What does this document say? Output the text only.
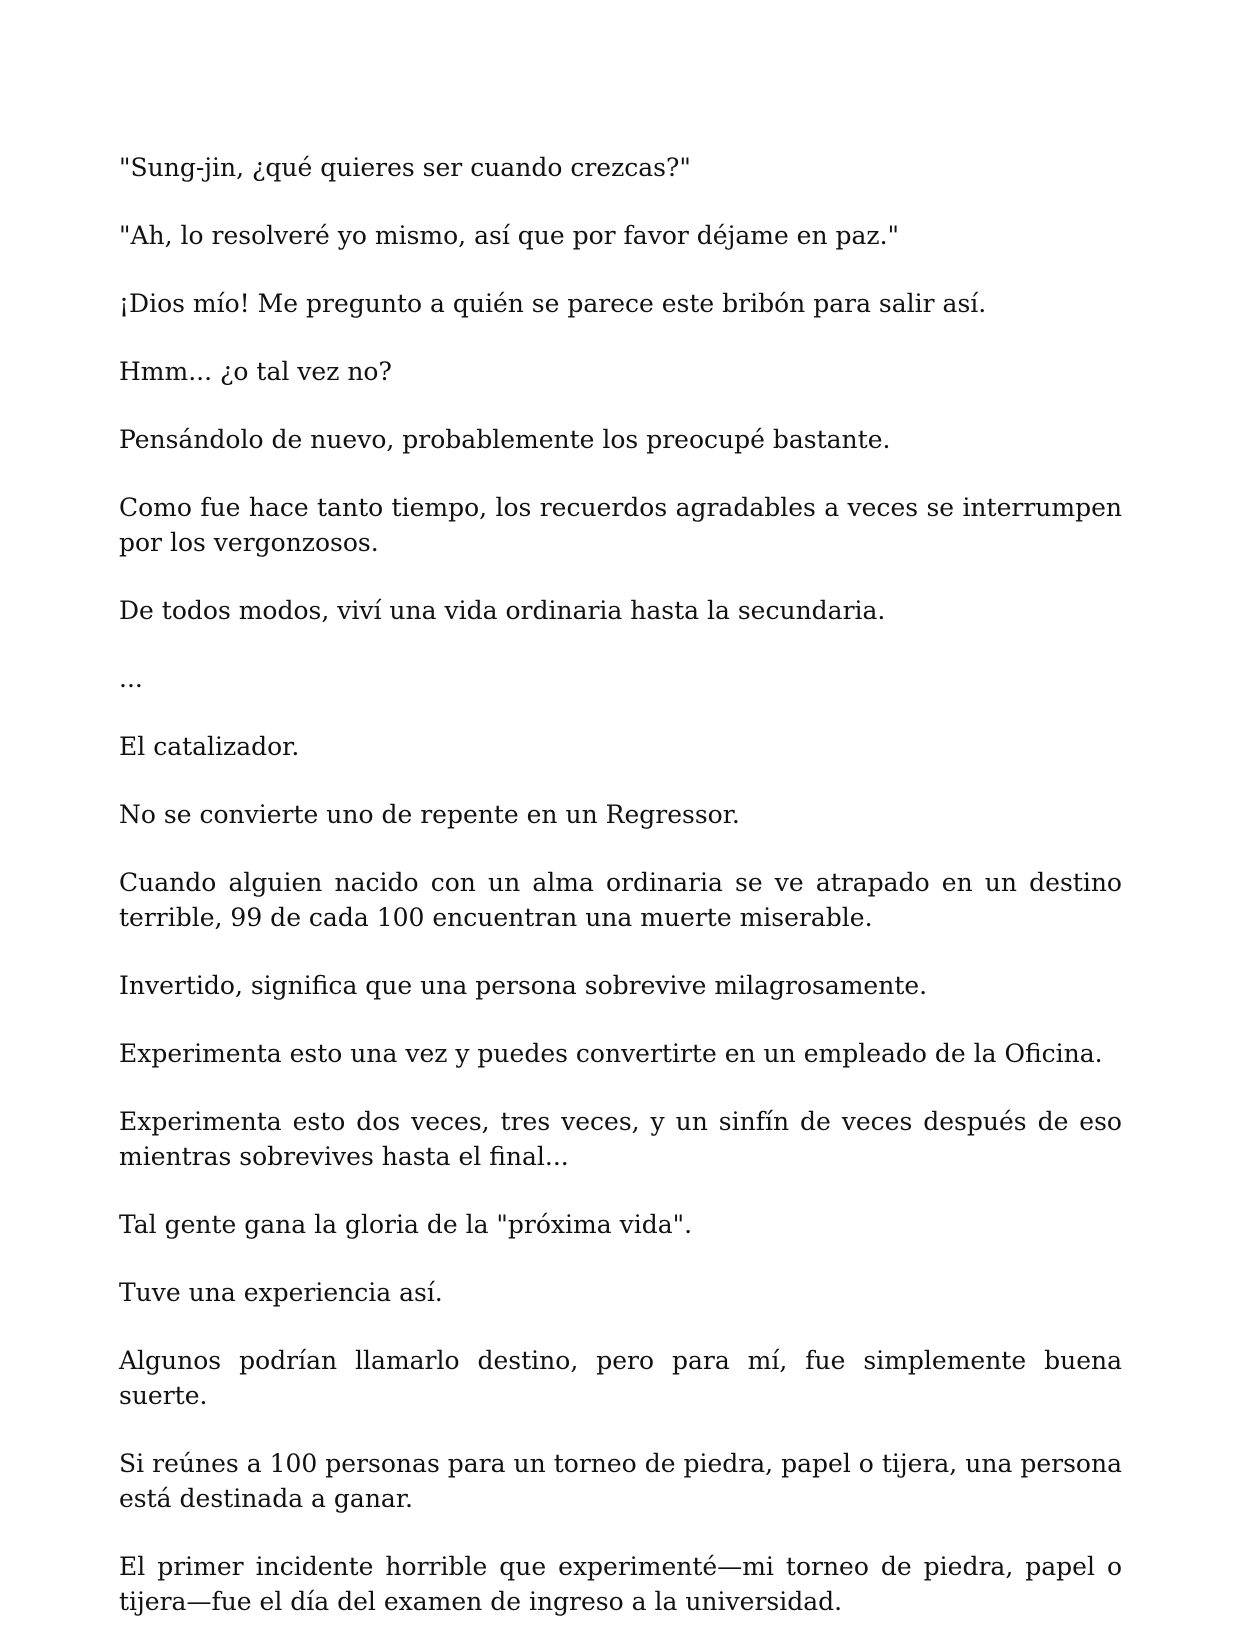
"Sung-jin, ¿qué quieres ser cuando crezcas?"

"Ah, lo resolveré yo mismo, así que por favor déjame en paz."

¡Dios mío! Me pregunto a quién se parece este bribón para salir así.

Hmm... ¿o tal vez no?

Pensándolo de nuevo, probablemente los preocupé bastante.

Como fue hace tanto tiempo, los recuerdos agradables a veces se interrumpen por los vergonzosos.

De todos modos, viví una vida ordinaria hasta la secundaria.

...

El catalizador.

No se convierte uno de repente en un Regressor.

Cuando alguien nacido con un alma ordinaria se ve atrapado en un destino terrible, 99 de cada 100 encuentran una muerte miserable.

Invertido, significa que una persona sobrevive milagrosamente.

Experimenta esto una vez y puedes convertirte en un empleado de la Oficina.

Experimenta esto dos veces, tres veces, y un sinfín de veces después de eso mientras sobrevives hasta el final...

Tal gente gana la gloria de la "próxima vida".

Tuve una experiencia así.

Algunos podrían llamarlo destino, pero para mí, fue simplemente buena suerte.

Si reúnes a 100 personas para un torneo de piedra, papel o tijera, una persona está destinada a ganar.

El primer incidente horrible que experimenté—mi torneo de piedra, papel o tijera—fue el día del examen de ingreso a la universidad.
